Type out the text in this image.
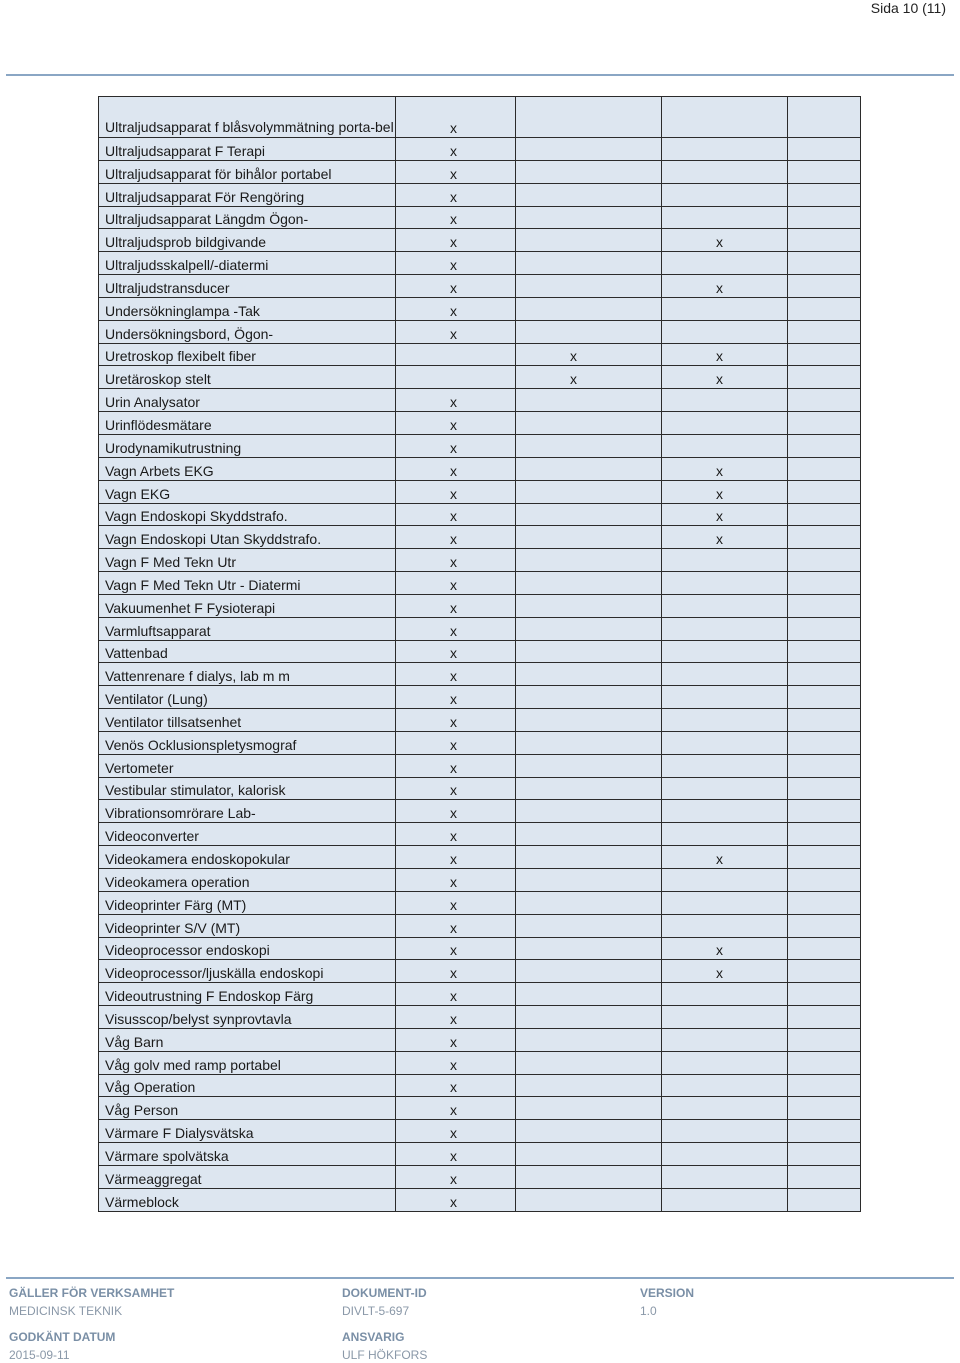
Sida 10 (11)
Ultraljudsapparat f blåsvolymmätning porta-bel	x			
Ultraljudsapparat F Terapi	x			
Ultraljudsapparat för bihålor portabel	x			
Ultraljudsapparat För Rengöring	x			
Ultraljudsapparat Längdm Ögon-	x			
Ultraljudsprob bildgivande	x		x	
Ultraljudsskalpell/-diatermi	x			
Ultraljudstransducer	x		x	
Undersökninglampa -Tak	x			
Undersökningsbord, Ögon-	x			
Uretroskop flexibelt fiber		x	x	
Uretäroskop stelt		x	x	
Urin Analysator	x			
Urinflödesmätare	x			
Urodynamikutrustning	x			
Vagn Arbets EKG	x		x	
Vagn EKG	x		x	
Vagn Endoskopi Skyddstrafo.	x		x	
Vagn Endoskopi Utan Skyddstrafo.	x		x	
Vagn F Med Tekn Utr	x			
Vagn F Med Tekn Utr - Diatermi	x			
Vakuumenhet F Fysioterapi	x			
Varmluftsapparat	x			
Vattenbad	x			
Vattenrenare f dialys, lab m m	x			
Ventilator (Lung)	x			
Ventilator tillsatsenhet	x			
Venös Ocklusionspletysmograf	x			
Vertometer	x			
Vestibular stimulator, kalorisk	x			
Vibrationsomrörare Lab-	x			
Videoconverter	x			
Videokamera endoskopokular	x		x	
Videokamera operation	x			
Videoprinter Färg (MT)	x			
Videoprinter S/V (MT)	x			
Videoprocessor endoskopi	x		x	
Videoprocessor/ljuskälla endoskopi	x		x	
Videoutrustning F Endoskop Färg	x			
Visusscop/belyst synprovtavla	x			
Våg Barn	x			
Våg golv med ramp portabel	x			
Våg Operation	x			
Våg Person	x			
Värmare F Dialysvätska	x			
Värmare spolvätska	x			
Värmeaggregat	x			
Värmeblock	x			
GÄLLER FÖR VERKSAMHET
MEDICINSK TEKNIK
DOKUMENT-ID
DIVLT-5-697
VERSION
1.0
GODKÄNT DATUM
2015-09-11
ANSVARIG
ULF HÖKFORS
